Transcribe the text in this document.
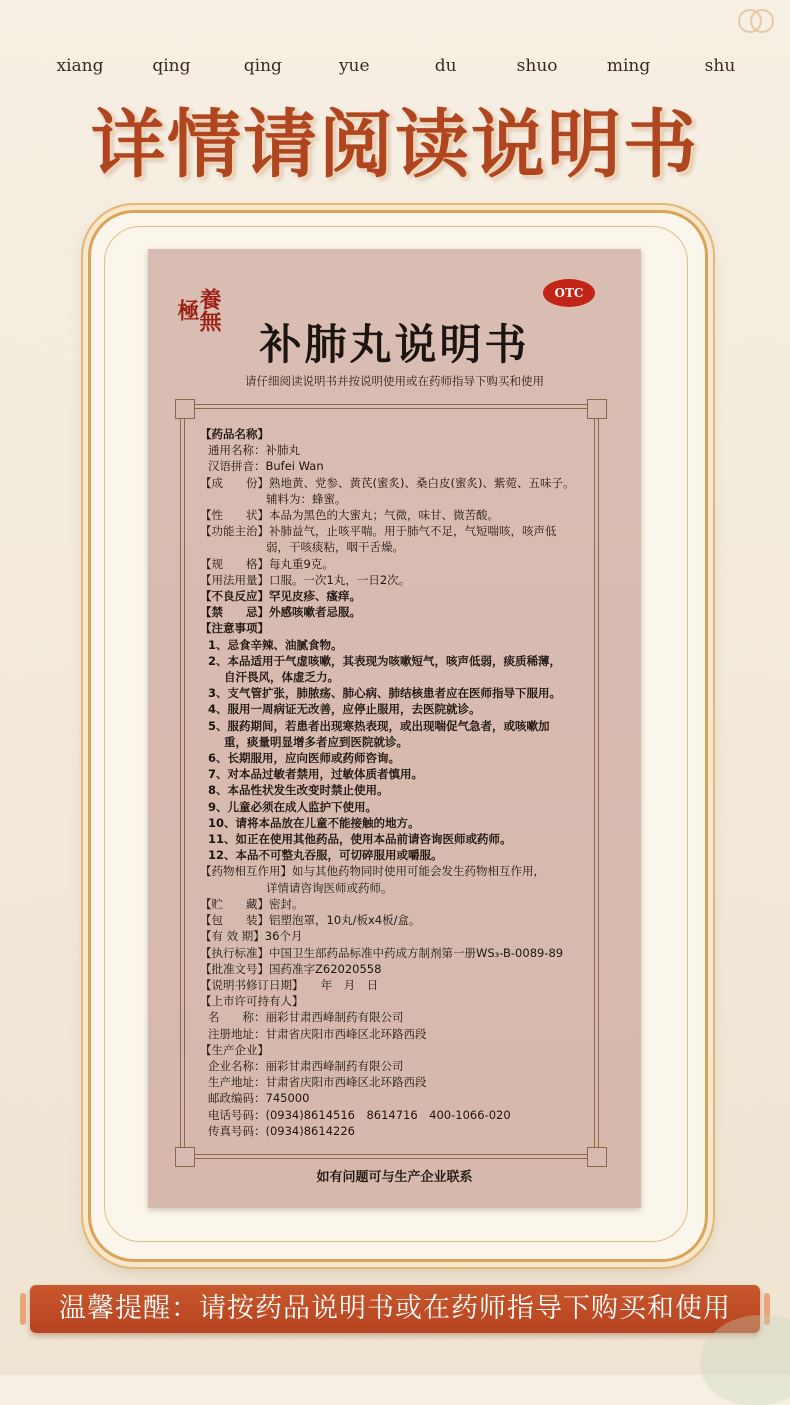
xiang	qing	qing	yue	du	shuo	ming	shu
详情请阅读说明书
養無極
OTC
补肺丸说明书
请仔细阅读说明书并按说明使用或在药师指导下购买和使用
【药品名称】
通用名称：补肺丸
汉语拼音：Bufei Wan
【成　　份】熟地黄、党参、黄芪(蜜炙)、桑白皮(蜜炙)、紫菀、五味子。
辅料为：蜂蜜。
【性　　状】本品为黑色的大蜜丸；气微，味甘、微苦酸。
【功能主治】补肺益气，止咳平喘。用于肺气不足，气短喘咳，咳声低
弱，干咳痰粘，咽干舌燥。
【规　　格】每丸重9克。
【用法用量】口服。一次1丸，一日2次。
【不良反应】罕见皮疹、瘙痒。
【禁　　忌】外感咳嗽者忌服。
【注意事项】
1、忌食辛辣、油腻食物。
2、本品适用于气虚咳嗽，其表现为咳嗽短气，咳声低弱，痰质稀薄，
自汗畏风，体虚乏力。
3、支气管扩张，肺脓疡、肺心病、肺结核患者应在医师指导下服用。
4、服用一周病证无改善，应停止服用，去医院就诊。
5、服药期间，若患者出现寒热表现，或出现喘促气急者，或咳嗽加
重，痰量明显增多者应到医院就诊。
6、长期服用，应向医师或药师咨询。
7、对本品过敏者禁用，过敏体质者慎用。
8、本品性状发生改变时禁止使用。
9、儿童必须在成人监护下使用。
10、请将本品放在儿童不能接触的地方。
11、如正在使用其他药品，使用本品前请咨询医师或药师。
12、本品不可整丸吞服，可切碎服用或嚼服。
【药物相互作用】如与其他药物同时使用可能会发生药物相互作用，
详情请咨询医师或药师。
【贮　　藏】密封。
【包　　装】铝塑泡罩，10丸/板x4板/盒。
【有 效 期】36个月
【执行标准】中国卫生部药品标准中药成方制剂第一册WS₃-B-0089-89
【批准文号】国药准字Z62020558
【说明书修订日期】　　年　月　日
【上市许可持有人】
名　　称：丽彩甘肃西峰制药有限公司
注册地址：甘肃省庆阳市西峰区北环路西段
【生产企业】
企业名称：丽彩甘肃西峰制药有限公司
生产地址：甘肃省庆阳市西峰区北环路西段
邮政编码：745000
电话号码：(0934)8614516　8614716　400-1066-020
传真号码：(0934)8614226
如有问题可与生产企业联系
温馨提醒：请按药品说明书或在药师指导下购买和使用
